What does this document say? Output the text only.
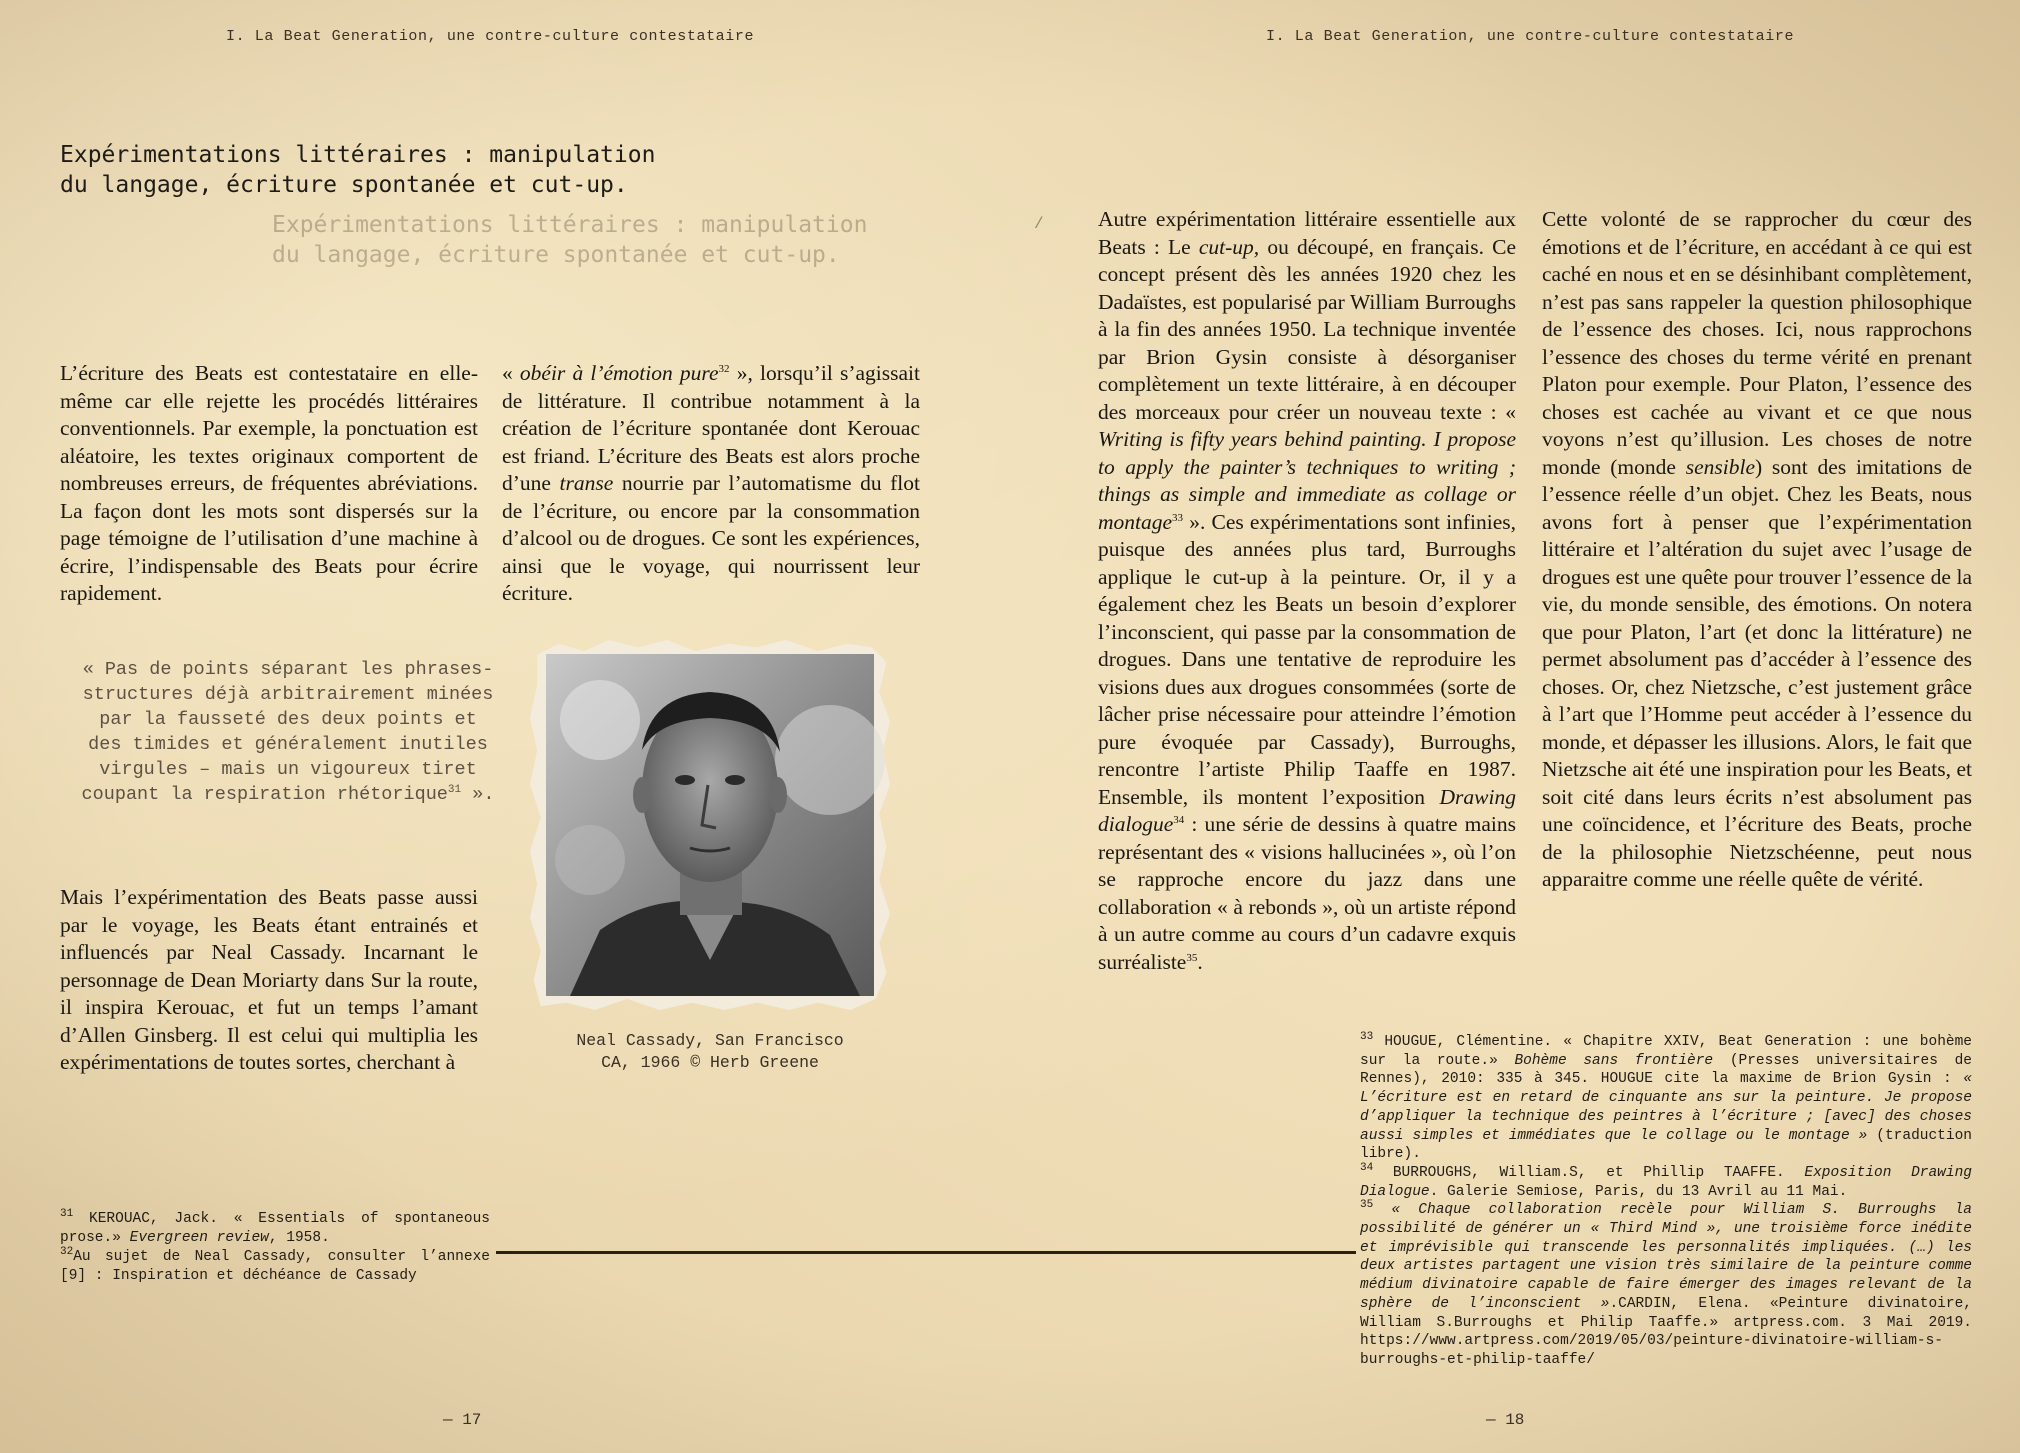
I. La Beat Generation, une contre-culture contestataire
Expérimentations littéraires : manipulation
du langage, écriture spontanée et cut-up.
Expérimentations littéraires : manipulation
du langage, écriture spontanée et cut-up.

L’écriture des Beats est contestataire en elle-même car elle rejette les procédés littéraires conventionnels. Par exemple, la ponctuation est aléatoire, les textes originaux comportent de nombreuses erreurs, de fréquentes abréviations. La façon dont les mots sont dispersés sur la page témoigne de l’utilisation d’une machine à écrire, l’indispensable des Beats pour écrire rapidement.

« obéir à l’émotion pure$^{32}$ », lorsqu’il s’agissait de littérature. Il contribue notamment à la création de l’écriture spontanée dont Kerouac est friand. L’écriture des Beats est alors proche d’une transe nourrie par l’automatisme du flot de l’écriture, ou encore par la consommation d’alcool ou de drogues. Ce sont les expériences, ainsi que le voyage, qui nourrissent leur écriture.

« Pas de points séparant les phrases-structures déjà arbitrairement minées par la fausseté des deux points et des timides et généralement inutiles virgules – mais un vigoureux tiret coupant la respiration rhétorique$^{31}$ ».

Mais l’expérimentation des Beats passe aussi par le voyage, les Beats étant entrainés et influencés par Neal Cassady. Incarnant le personnage de Dean Moriarty dans Sur la route, il inspira Kerouac, et fut un temps l’amant d’Allen Ginsberg. Il est celui qui multiplia les expérimentations de toutes sortes, cherchant à

Neal Cassady, San Francisco
CA, 1966 © Herb Greene

$^{31}$ KEROUAC, Jack. « Essentials of spontaneous prose.» Evergreen review, 1958.
$^{32}$Au sujet de Neal Cassady, consulter l’annexe [9] : Inspiration et déchéance de Cassady

— 17
I. La Beat Generation, une contre-culture contestataire
/	Autre expérimentation littéraire essentielle aux Beats : Le cut-up, ou découpé, en français. Ce concept présent dès les années 1920 chez les Dadaïstes, est popularisé par William Burroughs à la fin des années 1950. La technique inventée par Brion Gysin consiste à désorganiser complètement un texte littéraire, à en découper des morceaux pour créer un nouveau texte : « Writing is fifty years behind painting. I propose to apply the painter’s techniques to writing ; things as simple and immediate as collage or montage$^{33}$ ». Ces expérimentations sont infinies, puisque des années plus tard, Burroughs applique le cut-up à la peinture. Or, il y a également chez les Beats un besoin d’explorer l’inconscient, qui passe par la consommation de drogues. Dans une tentative de reproduire les visions dues aux drogues consommées (sorte de lâcher prise nécessaire pour atteindre l’émotion pure évoquée par Cassady), Burroughs, rencontre l’artiste Philip Taaffe en 1987. Ensemble, ils montent l’exposition Drawing dialogue$^{34}$ : une série de dessins à quatre mains représentant des « visions hallucinées », où l’on se rapproche encore du jazz dans une collaboration « à rebonds », où un artiste répond à un autre comme au cours d’un cadavre exquis surréaliste$^{35}$.

Cette volonté de se rapprocher du cœur des émotions et de l’écriture, en accédant à ce qui est caché en nous et en se désinhibant complètement, n’est pas sans rappeler la question philosophique de l’essence des choses. Ici, nous rapprochons l’essence des choses du terme vérité en prenant Platon pour exemple. Pour Platon, l’essence des choses est cachée au vivant et ce que nous voyons n’est qu’illusion. Les choses de notre monde (monde sensible) sont des imitations de l’essence réelle d’un objet. Chez les Beats, nous avons fort à penser que l’expérimentation littéraire et l’altération du sujet avec l’usage de drogues est une quête pour trouver l’essence de la vie, du monde sensible, des émotions. On notera que pour Platon, l’art (et donc la littérature) ne permet absolument pas d’accéder à l’essence des choses. Or, chez Nietzsche, c’est justement grâce à l’art que l’Homme peut accéder à l’essence du monde, et dépasser les illusions. Alors, le fait que Nietzsche ait été une inspiration pour les Beats, et soit cité dans leurs écrits n’est absolument pas une coïncidence, et l’écriture des Beats, proche de la philosophie Nietzschéenne, peut nous apparaitre comme une réelle quête de vérité.

$^{33}$ HOUGUE, Clémentine. « Chapitre XXIV, Beat Generation : une bohème sur la route.» Bohème sans frontière (Presses universitaires de Rennes), 2010: 335 à 345. HOUGUE cite la maxime de Brion Gysin : « L’écriture est en retard de cinquante ans sur la peinture. Je propose d’appliquer la technique des peintres à l’écriture ; [avec] des choses aussi simples et immédiates que le collage ou le montage » (traduction libre).
$^{34}$ BURROUGHS, William.S, et Phillip TAAFFE. Exposition Drawing Dialogue. Galerie Semiose, Paris, du 13 Avril au 11 Mai.
$^{35}$ « Chaque collaboration recèle pour William S. Burroughs la possibilité de générer un « Third Mind », une troisième force inédite et imprévisible qui transcende les personnalités impliquées. (…) les deux artistes partagent une vision très similaire de la peinture comme médium divinatoire capable de faire émerger des images relevant de la sphère de l’inconscient ».CARDIN, Elena. «Peinture divinatoire, William S.Burroughs et Philip Taaffe.» artpress.com. 3 Mai 2019. https://www.artpress.com/2019/05/03/peinture-divinatoire-william-s-burroughs-et-philip-taaffe/

— 18
